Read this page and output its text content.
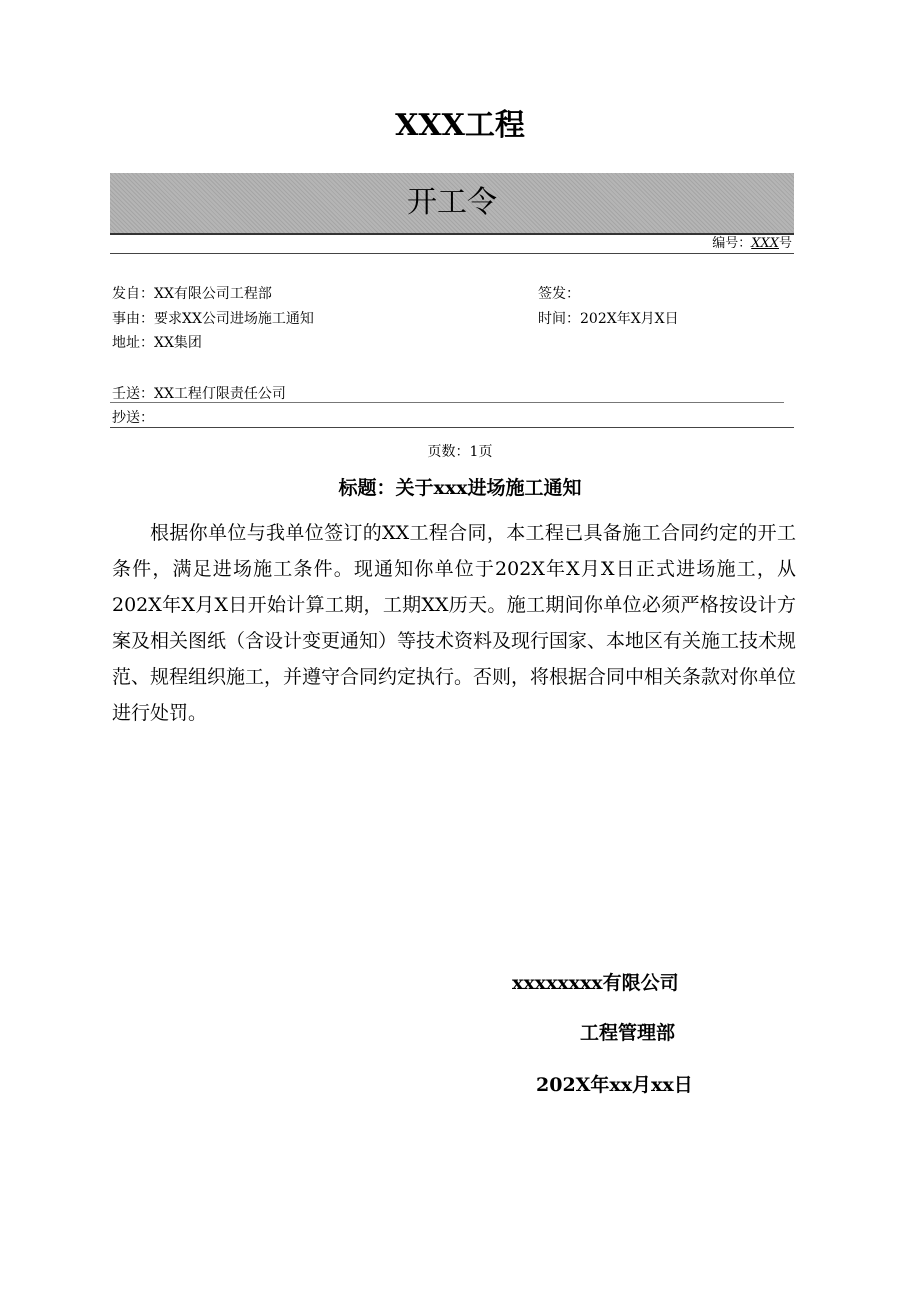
XXX工程
开工令
编号：XXX号
发自：XX有限公司工程部
事由：要求XX公司进场施工通知
地址：XX集团
签发：
时间：202X年X月X日
壬送：XX工程仃限责任公司
抄送：
页数：1页
标题：关于xxx进场施工通知

根据你单位与我单位签订的XX工程合同，本工程已具备施工合同约定的开工条件，满足进场施工条件。现通知你单位于202X年X月X日正式进场施工，从202X年X月X日开始计算工期，工期XX历天。施工期间你单位必须严格按设计方案及相关图纸（含设计变更通知）等技术资料及现行国家、本地区有关施工技术规范、规程组织施工，并遵守合同约定执行。否则，将根据合同中相关条款对你单位进行处罚。

xxxxxxxx有限公司
工程管理部
202X年xx月xx日
